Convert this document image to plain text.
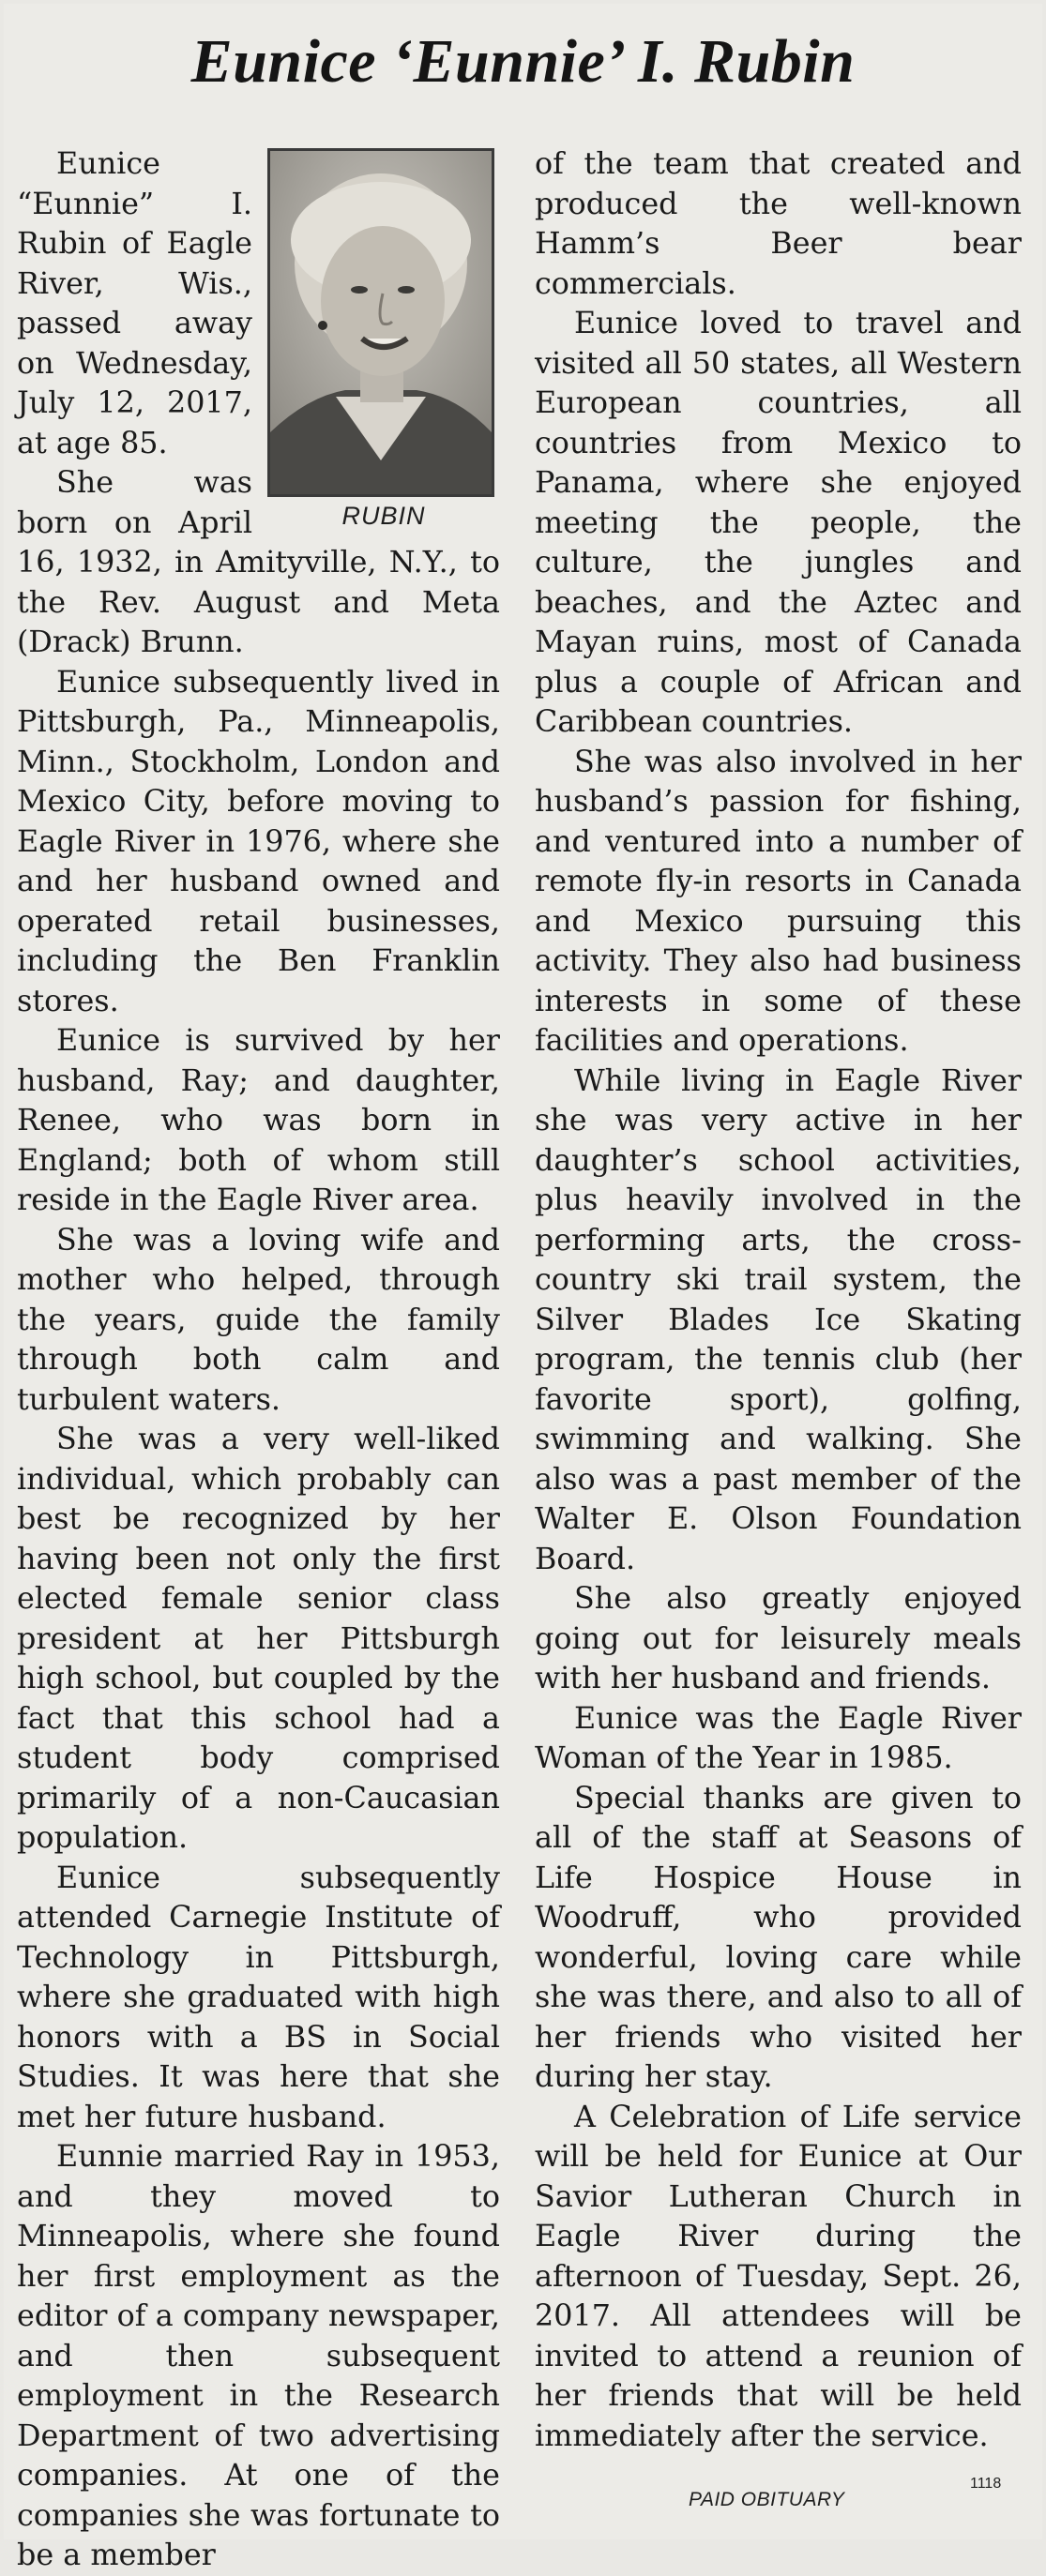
Eunice ‘Eunnie’ I. Rubin
RUBIN

Eunice “Eunnie” I. Rubin of Eagle River, Wis., passed away on Wednesday, July 12, 2017, at age 85.

She was born on April 16, 1932, in Amityville, N.Y., to the Rev. August and Meta (Drack) Brunn.

Eunice subsequently lived in Pittsburgh, Pa., Minneapolis, Minn., Stockholm, London and Mexico City, before moving to Eagle River in 1976, where she and her husband owned and operated retail businesses, including the Ben Franklin stores.

Eunice is survived by her husband, Ray; and daughter, Renee, who was born in England; both of whom still reside in the Eagle River area.

She was a loving wife and mother who helped, through the years, guide the family through both calm and turbulent waters.

She was a very well-liked individual, which probably can best be recognized by her having been not only the first elected female senior class president at her Pittsburgh high school, but coupled by the fact that this school had a student body comprised primarily of a non-Caucasian population.

Eunice subsequently attended Carnegie Institute of Technology in Pittsburgh, where she graduated with high honors with a BS in Social Studies. It was here that she met her future husband.

Eunnie married Ray in 1953, and they moved to Minneapolis, where she found her first employment as the editor of a company newspaper, and then subsequent employment in the Research Department of two advertising companies. At one of the companies she was fortunate to be a member

of the team that created and produced the well-known Hamm’s Beer bear commercials.

Eunice loved to travel and visited all 50 states, all Western European countries, all countries from Mexico to Panama, where she enjoyed meeting the people, the culture, the jungles and beaches, and the Aztec and Mayan ruins, most of Canada plus a couple of African and Caribbean countries.

She was also involved in her husband’s passion for fishing, and ventured into a number of remote fly-in resorts in Canada and Mexico pursuing this activity. They also had business interests in some of these facilities and operations.

While living in Eagle River she was very active in her daughter’s school activities, plus heavily involved in the performing arts, the cross-country ski trail system, the Silver Blades Ice Skating program, the tennis club (her favorite sport), golfing, swimming and walking. She also was a past member of the Walter E. Olson Foundation Board.

She also greatly enjoyed going out for leisurely meals with her husband and friends.

Eunice was the Eagle River Woman of the Year in 1985.

Special thanks are given to all of the staff at Seasons of Life Hospice House in Woodruff, who provided wonderful, loving care while she was there, and also to all of her friends who visited her during her stay.

A Celebration of Life service will be held for Eunice at Our Savior Lutheran Church in Eagle River during the afternoon of Tuesday, Sept. 26, 2017. All attendees will be invited to attend a reunion of her friends that will be held immediately after the service.

PAID OBITUARY
1118
